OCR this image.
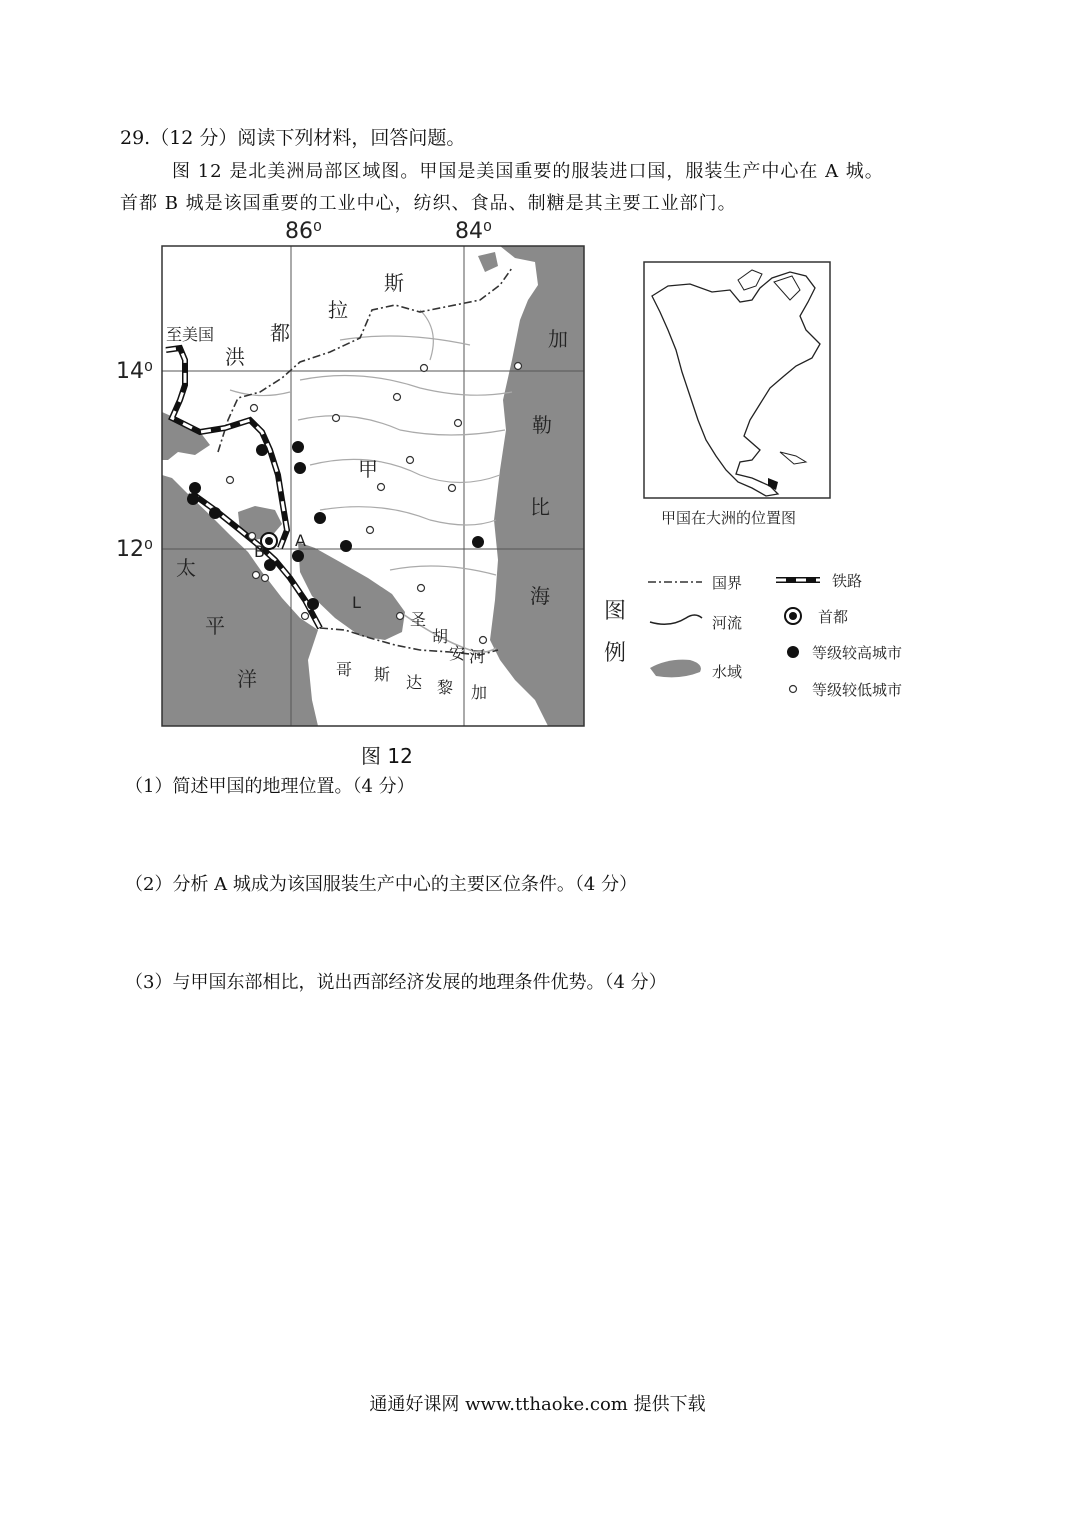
29.（12 分）阅读下列材料，回答问题。
图 12 是北美洲局部区域图。甲国是美国重要的服装进口国，服装生产中心在 A 城。
首都 B 城是该国重要的工业中心，纺织、食品、制糖是其主要工业部门。
86⁰	84⁰
14⁰
12⁰
斯
拉
都
洪
加
勒
比
海
甲
太
平
洋
至美国
B
A
L
哥 斯 达 黎 加
圣
胡
安 河
甲国在大洲的位置图
图
例
国界
河流
水域
铁路
首都
等级较高城市
等级较低城市
图 12
（1）简述甲国的地理位置。（4 分）
（2）分析 A 城成为该国服装生产中心的主要区位条件。（4 分）
（3）与甲国东部相比，说出西部经济发展的地理条件优势。（4 分）
通通好课网 www.tthaoke.com 提供下载
